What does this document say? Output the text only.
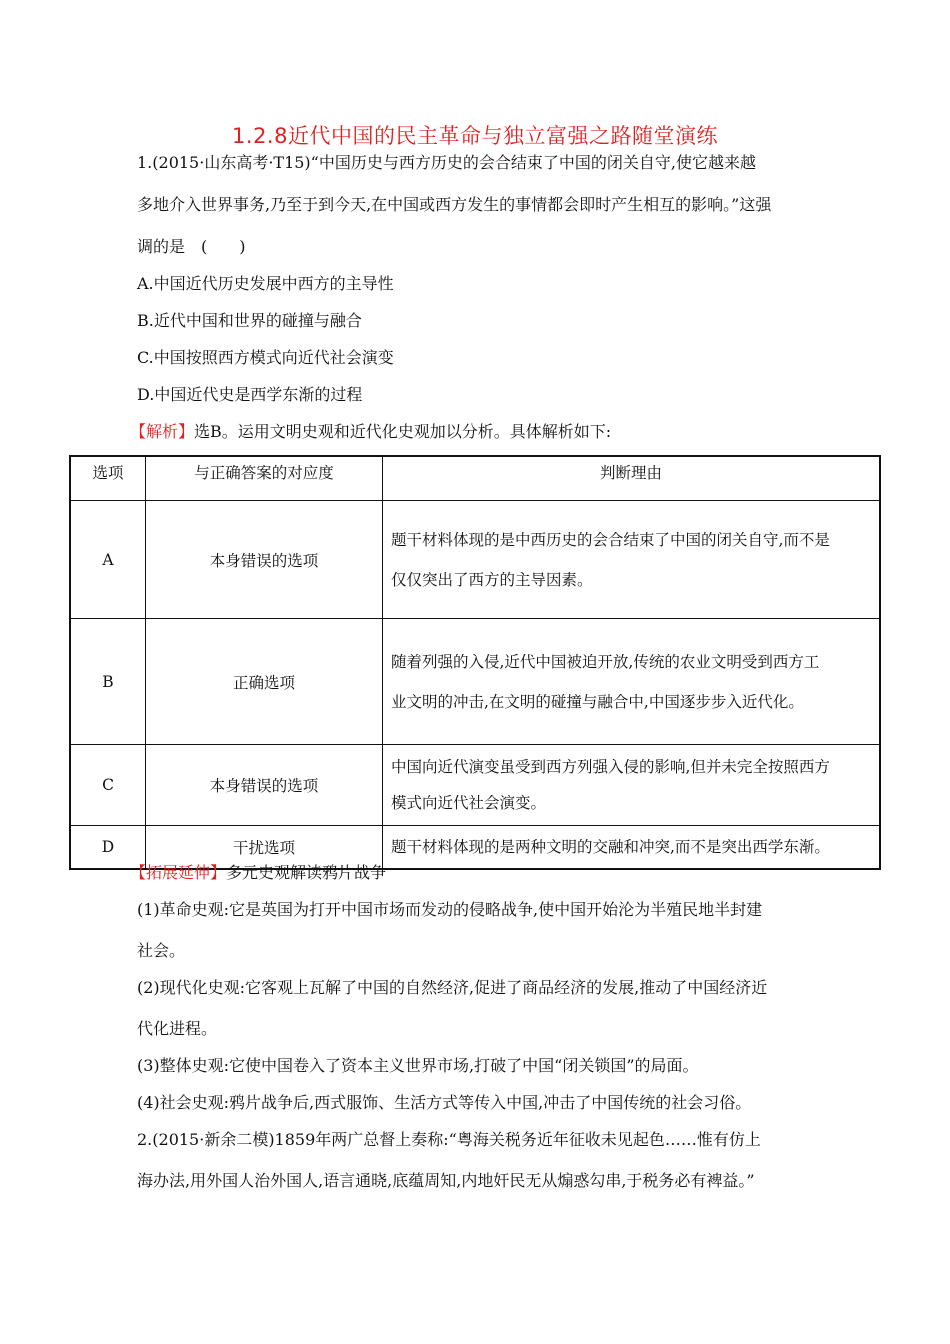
1.2.8近代中国的民主革命与独立富强之路随堂演练
1.(2015·山东高考·T15)“中国历史与西方历史的会合结束了中国的闭关自守,使它越来越
多地介入世界事务,乃至于到今天,在中国或西方发生的事情都会即时产生相互的影响。”这强
调的是　(　　)
A.中国近代历史发展中西方的主导性
B.近代中国和世界的碰撞与融合
C.中国按照西方模式向近代社会演变
D.中国近代史是西学东渐的过程
【解析】选B。运用文明史观和近代化史观加以分析。具体解析如下:
选项	与正确答案的对应度	判断理由
A	本身错误的选项	题干材料体现的是中西历史的会合结束了中国的闭关自守,而不是
仅仅突出了西方的主导因素。

B	正确选项	随着列强的入侵,近代中国被迫开放,传统的农业文明受到西方工
业文明的冲击,在文明的碰撞与融合中,中国逐步步入近代化。

C	本身错误的选项	中国向近代演变虽受到西方列强入侵的影响,但并未完全按照西方
模式向近代社会演变。

D	干扰选项	题干材料体现的是两种文明的交融和冲突,而不是突出西学东渐。
【拓展延伸】多元史观解读鸦片战争
(1)革命史观:它是英国为打开中国市场而发动的侵略战争,使中国开始沦为半殖民地半封建
社会。
(2)现代化史观:它客观上瓦解了中国的自然经济,促进了商品经济的发展,推动了中国经济近
代化进程。
(3)整体史观:它使中国卷入了资本主义世界市场,打破了中国“闭关锁国”的局面。
(4)社会史观:鸦片战争后,西式服饰、生活方式等传入中国,冲击了中国传统的社会习俗。
2.(2015·新余二模)1859年两广总督上奏称:“粤海关税务近年征收未见起色……惟有仿上
海办法,用外国人治外国人,语言通晓,底蕴周知,内地奸民无从煽惑勾串,于税务必有裨益。”
